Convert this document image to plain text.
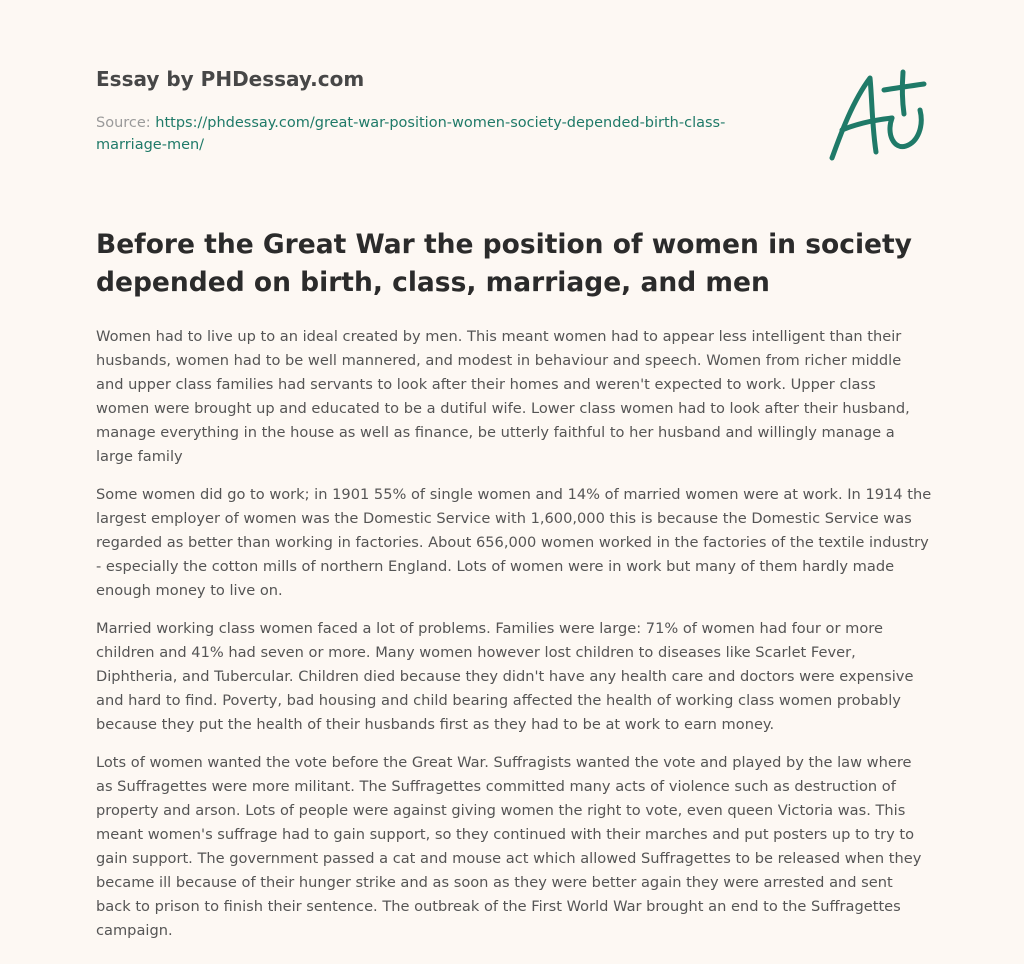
Essay by PHDessay.com

Source: https://phdessay.com/great-war-position-women-society-depended-birth-class-marriage-men/

Before the Great War the position of women in society depended on birth, class, marriage, and men

Women had to live up to an ideal created by men. This meant women had to appear less intelligent than their husbands, women had to be well mannered, and modest in behaviour and speech. Women from richer middle and upper class families had servants to look after their homes and weren't expected to work. Upper class women were brought up and educated to be a dutiful wife. Lower class women had to look after their husband, manage everything in the house as well as finance, be utterly faithful to her husband and willingly manage a large family

Some women did go to work; in 1901 55% of single women and 14% of married women were at work. In 1914 the largest employer of women was the Domestic Service with 1,600,000 this is because the Domestic Service was regarded as better than working in factories. About 656,000 women worked in the factories of the textile industry - especially the cotton mills of northern England. Lots of women were in work but many of them hardly made enough money to live on.

Married working class women faced a lot of problems. Families were large: 71% of women had four or more children and 41% had seven or more. Many women however lost children to diseases like Scarlet Fever, Diphtheria, and Tubercular. Children died because they didn't have any health care and doctors were expensive and hard to find. Poverty, bad housing and child bearing affected the health of working class women probably because they put the health of their husbands first as they had to be at work to earn money.

Lots of women wanted the vote before the Great War. Suffragists wanted the vote and played by the law where as Suffragettes were more militant. The Suffragettes committed many acts of violence such as destruction of property and arson. Lots of people were against giving women the right to vote, even queen Victoria was. This meant women's suffrage had to gain support, so they continued with their marches and put posters up to try to gain support. The government passed a cat and mouse act which allowed Suffragettes to be released when they became ill because of their hunger strike and as soon as they were better again they were arrested and sent back to prison to finish their sentence. The outbreak of the First World War brought an end to the Suffragettes campaign.
